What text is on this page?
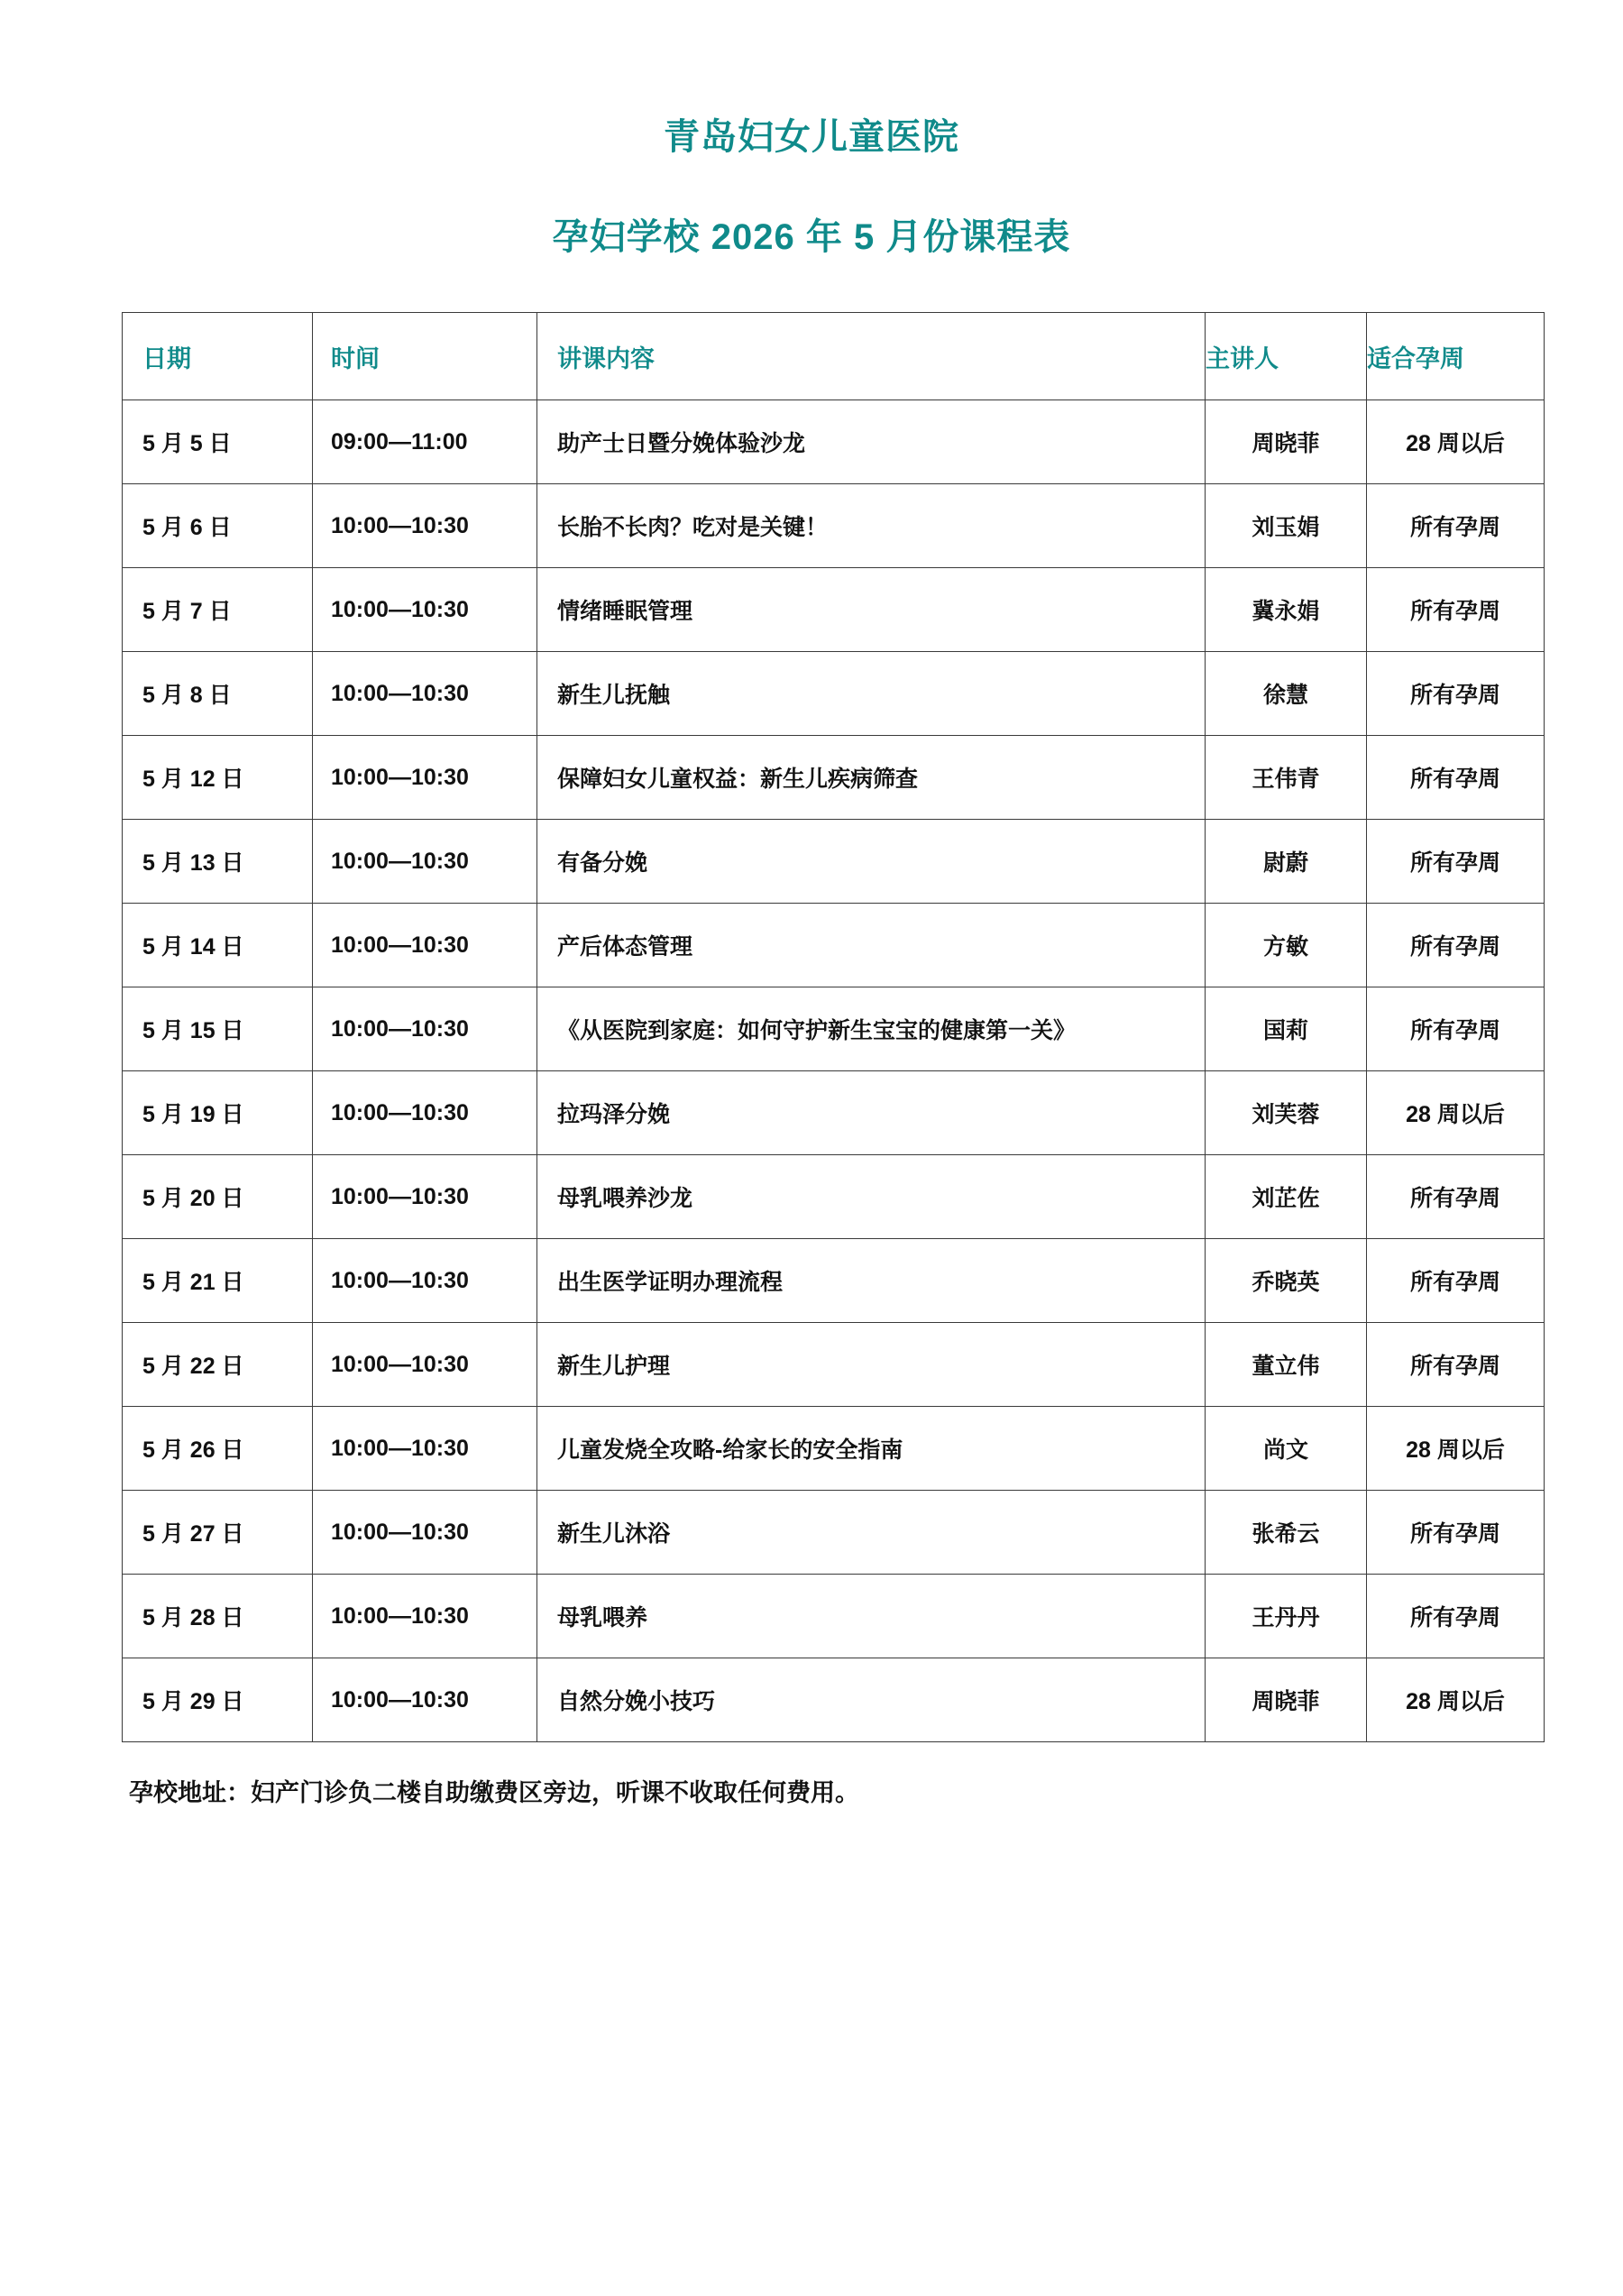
青岛妇女儿童医院
孕妇学校 2026 年 5 月份课程表
日期	时间	讲课内容	主讲人	适合孕周
5 月 5 日	09:00—11:00	助产士日暨分娩体验沙龙	周晓菲	28 周以后
5 月 6 日	10:00—10:30	长胎不长肉？吃对是关键！	刘玉娟	所有孕周
5 月 7 日	10:00—10:30	情绪睡眠管理	冀永娟	所有孕周
5 月 8 日	10:00—10:30	新生儿抚触	徐慧	所有孕周
5 月 12 日	10:00—10:30	保障妇女儿童权益：新生儿疾病筛查	王伟青	所有孕周
5 月 13 日	10:00—10:30	有备分娩	尉蔚	所有孕周
5 月 14 日	10:00—10:30	产后体态管理	方敏	所有孕周
5 月 15 日	10:00—10:30	《从医院到家庭：如何守护新生宝宝的健康第一关》	国莉	所有孕周
5 月 19 日	10:00—10:30	拉玛泽分娩	刘芙蓉	28 周以后
5 月 20 日	10:00—10:30	母乳喂养沙龙	刘芷佐	所有孕周
5 月 21 日	10:00—10:30	出生医学证明办理流程	乔晓英	所有孕周
5 月 22 日	10:00—10:30	新生儿护理	董立伟	所有孕周
5 月 26 日	10:00—10:30	儿童发烧全攻略-给家长的安全指南	尚文	28 周以后
5 月 27 日	10:00—10:30	新生儿沐浴	张希云	所有孕周
5 月 28 日	10:00—10:30	母乳喂养	王丹丹	所有孕周
5 月 29 日	10:00—10:30	自然分娩小技巧	周晓菲	28 周以后

孕校地址：妇产门诊负二楼自助缴费区旁边，听课不收取任何费用。
